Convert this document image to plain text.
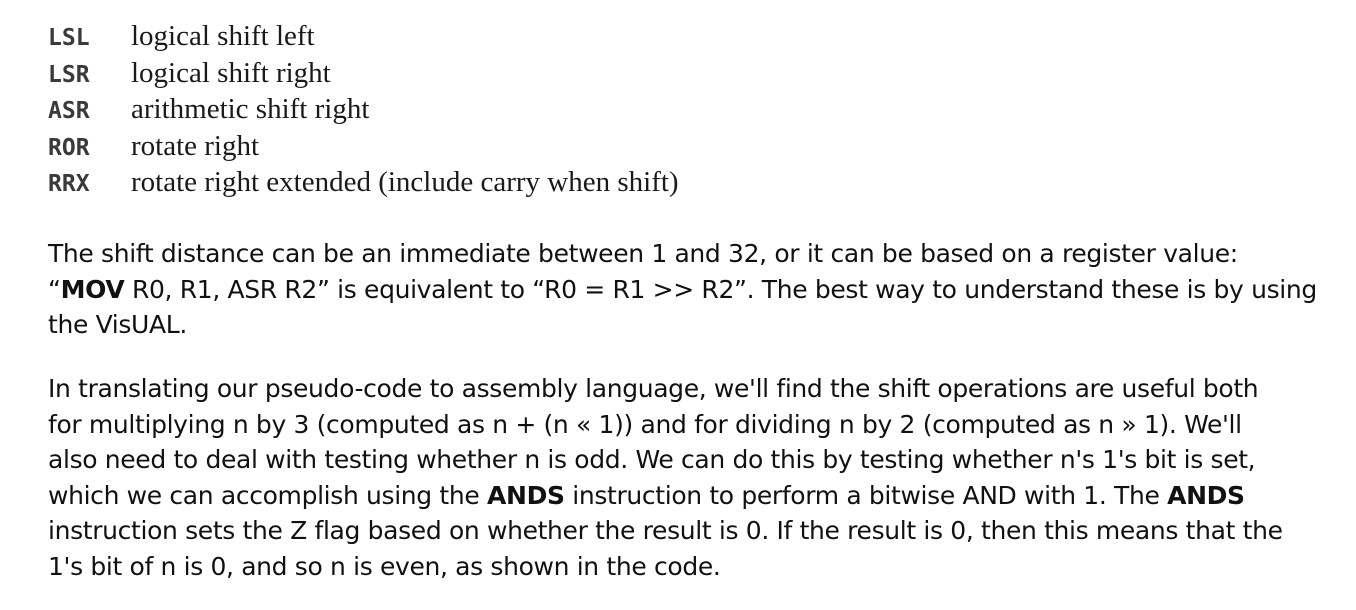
LSL	logical shift left
LSR	logical shift right
ASR	arithmetic shift right
ROR	rotate right
RRX	rotate right extended (include carry when shift)
The shift distance can be an immediate between 1 and 32, or it can be based on a register value:
“MOV R0, R1, ASR R2” is equivalent to “R0 = R1 >> R2”. The best way to understand these is by using
the VisUAL.
In translating our pseudo-code to assembly language, we'll find the shift operations are useful both
for multiplying n by 3 (computed as n + (n « 1)) and for dividing n by 2 (computed as n » 1). We'll
also need to deal with testing whether n is odd. We can do this by testing whether n's 1's bit is set,
which we can accomplish using the ANDS instruction to perform a bitwise AND with 1. The ANDS
instruction sets the Z flag based on whether the result is 0. If the result is 0, then this means that the
1's bit of n is 0, and so n is even, as shown in the code.
